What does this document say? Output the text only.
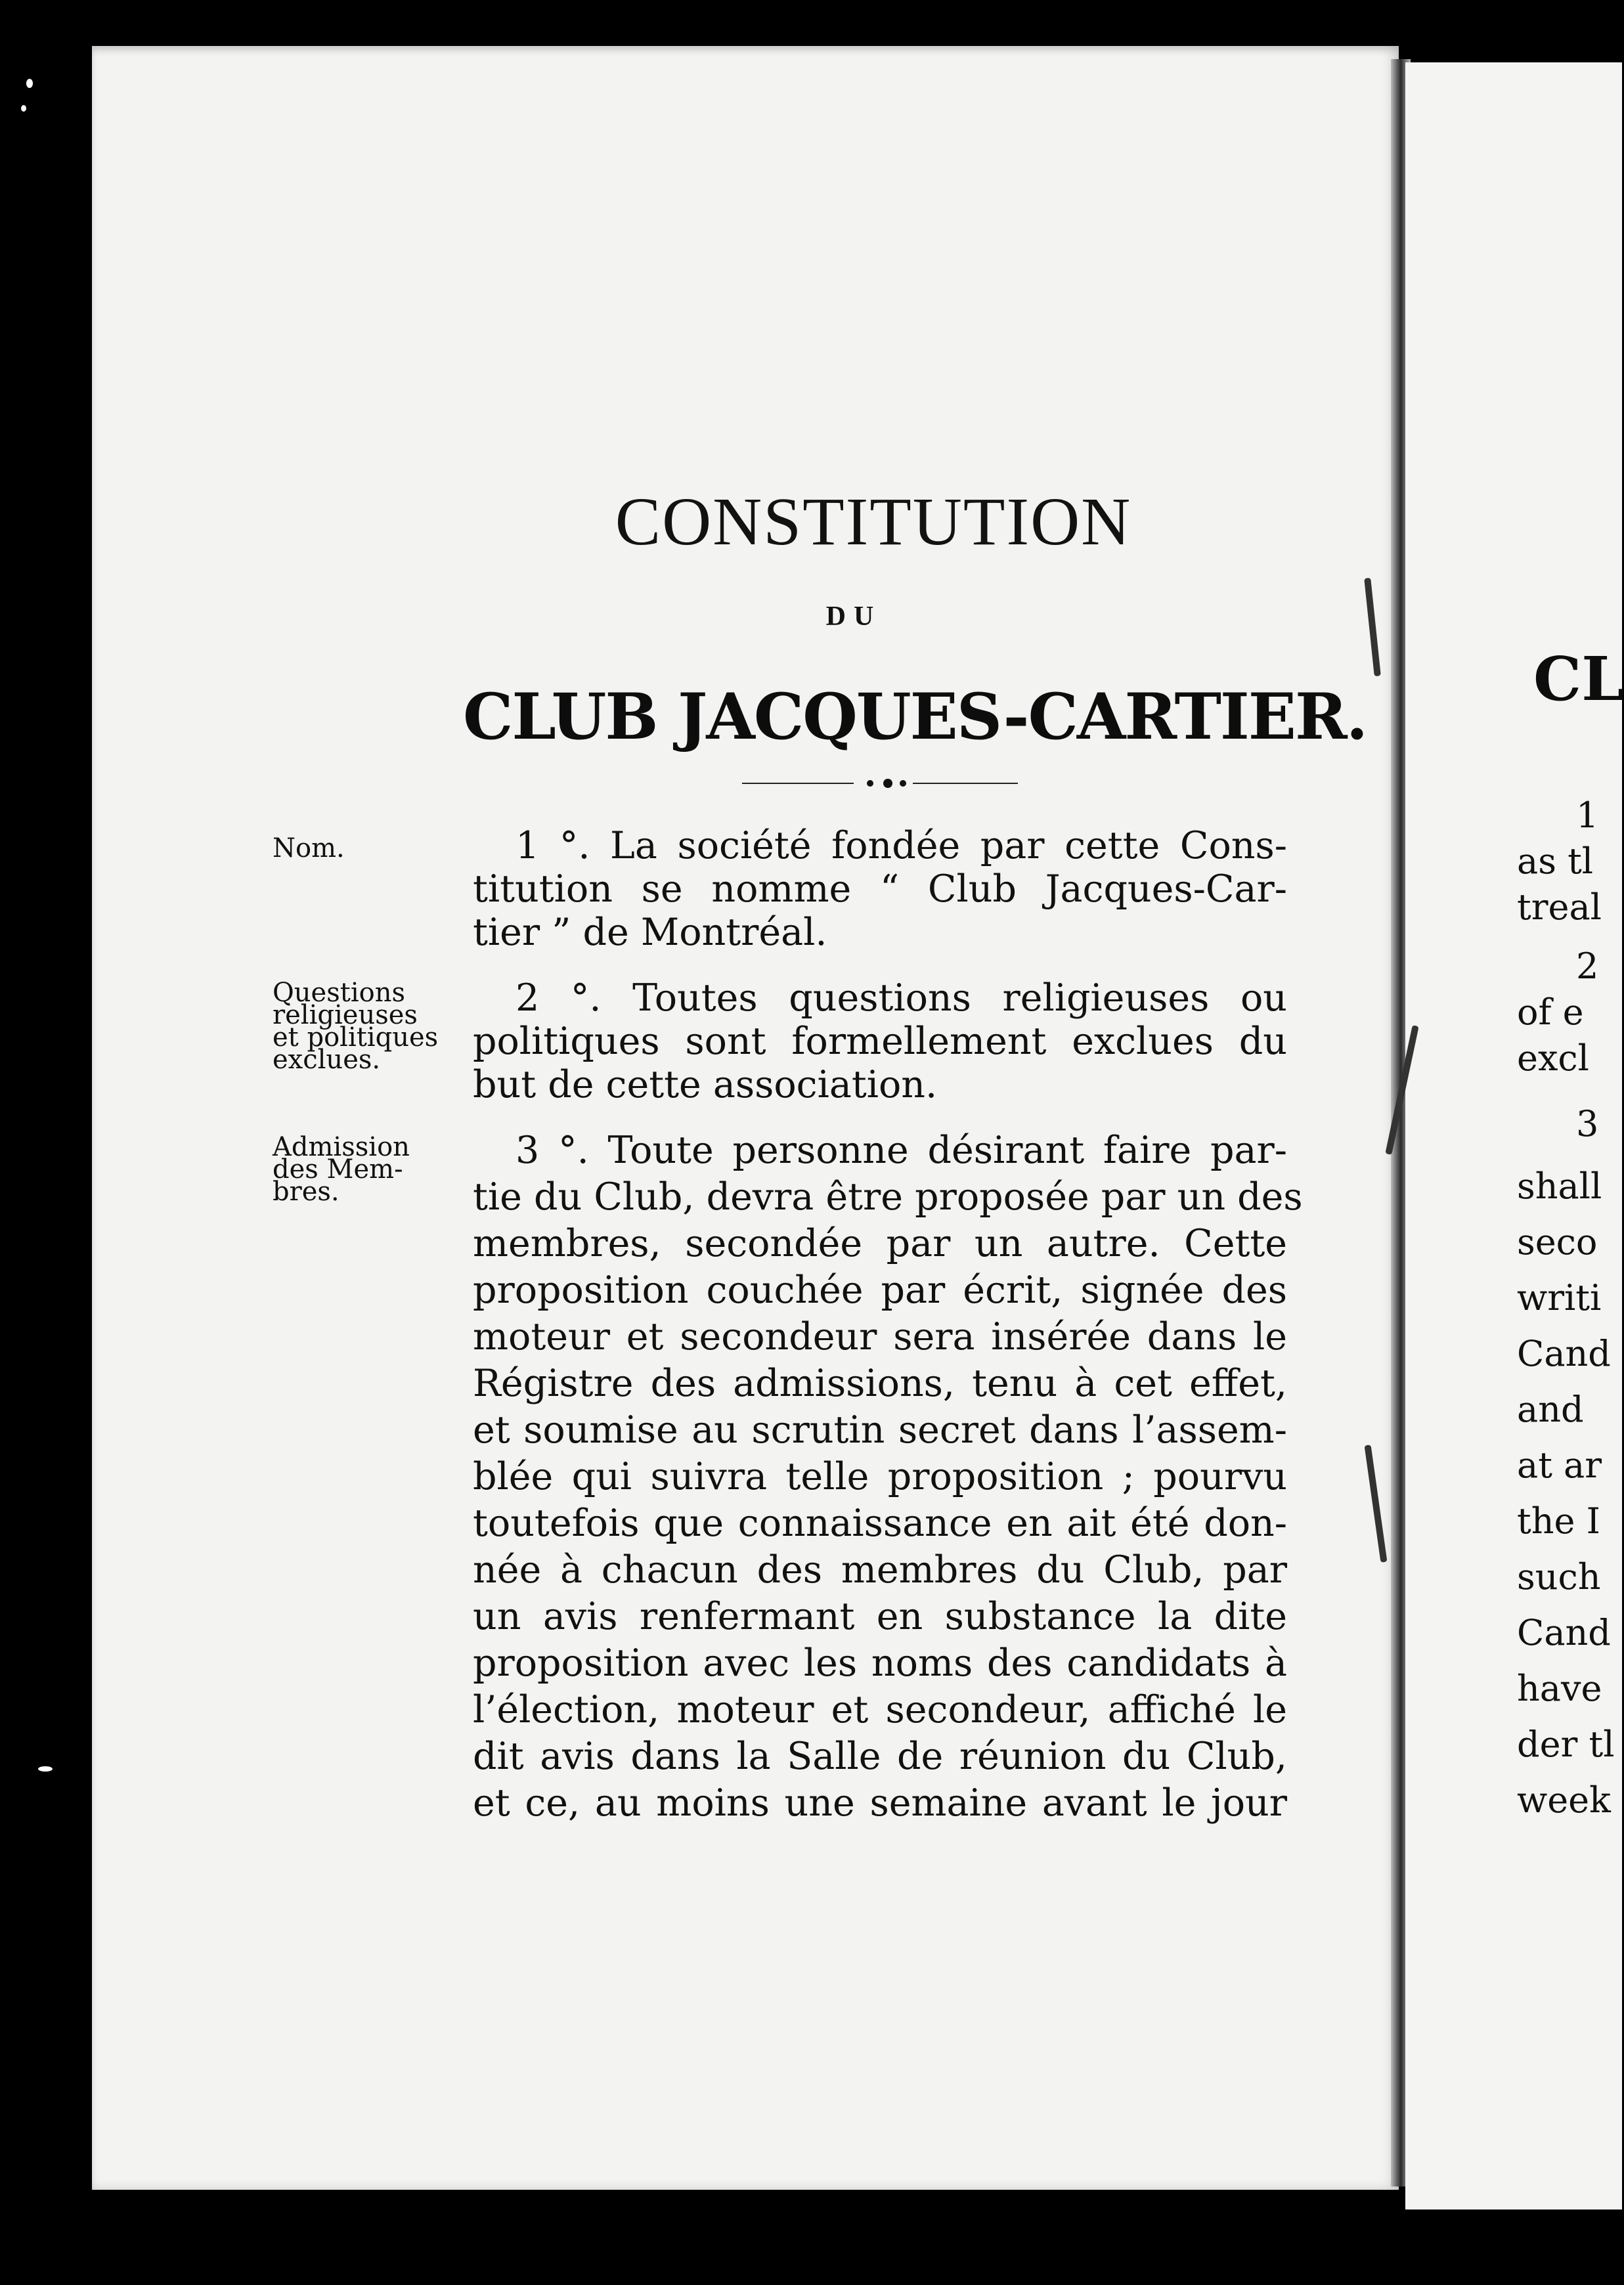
CONSTITUTION
DU
CLUB JACQUES-CARTIER.
Nom.
Questions
religieuses
et politiques
exclues.
Admission
des Mem-
bres.
1 °. La société fondée par cette Cons-
titution se nomme “ Club Jacques-Car-
tier ” de Montréal.
2 °. Toutes questions religieuses ou
politiques sont formellement exclues du
but de cette association.
3 °. Toute personne désirant faire par-
tie du Club, devra être proposée par un des
membres, secondée par un autre. Cette
proposition couchée par écrit, signée des
moteur et secondeur sera insérée dans le
Régistre des admissions, tenu à cet effet,
et soumise au scrutin secret dans l’assem-
blée qui suivra telle proposition ; pourvu
toutefois que connaissance en ait été don-
née à chacun des membres du Club, par
un avis renfermant en substance la dite
proposition avec les noms des candidats à
l’élection, moteur et secondeur, affiché le
dit avis dans la Salle de réunion du Club,
et ce, au moins une semaine avant le jour
CL
1
as tl
treal
2
of e
excl
3
shall
seco
writi
Cand
and
at ar
the I
such
Cand
have
der tl
week
